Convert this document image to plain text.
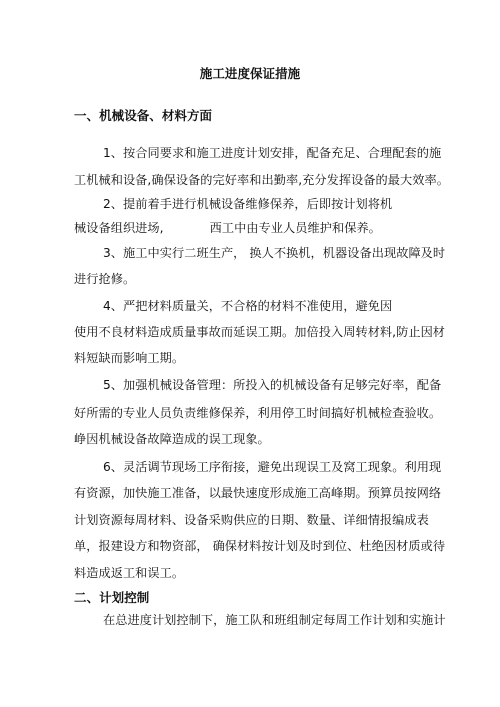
施工进度保证措施
一、机械设备、材料方面
1、按合同要求和施工进度计划安排，配备充足、合理配套的施
工机械和设备,确保设备的完好率和出勤率,充分发挥设备的最大效率。
2、提前着手进行机械设备维修保养，后即按计划将机
械设备组织进场,	西工中由专业人员维护和保养。
3、施工中实行二班生产， 换人不换机，机器设备出现故障及时
进行抢修。
4、严把材料质量关，不合格的材料不准使用，避免因
使用不良材料造成质量事故而延误工期。加倍投入周转材料,防止因材
料短缺而影响工期。
5、加强机械设备管理：所投入的机械设备有足够完好率，配备
好所需的专业人员负责维修保养，利用停工时间搞好机械检查验收。
峥因机械设备故障造成的误工现象。
6、灵活调节现场工序衔接，避免出现误工及窝工现象。利用现
有资源，加快施工准备，以最快速度形成施工高峰期。预算员按网络
计划资源每周材料、设备采购供应的日期、数量、详细情报编成表
单，报建设方和物资部， 确保材料按计划及时到位、杜绝因材质或待
料造成返工和误工。
二、计划控制
在总进度计划控制下，施工队和班组制定每周工作计划和实施计
